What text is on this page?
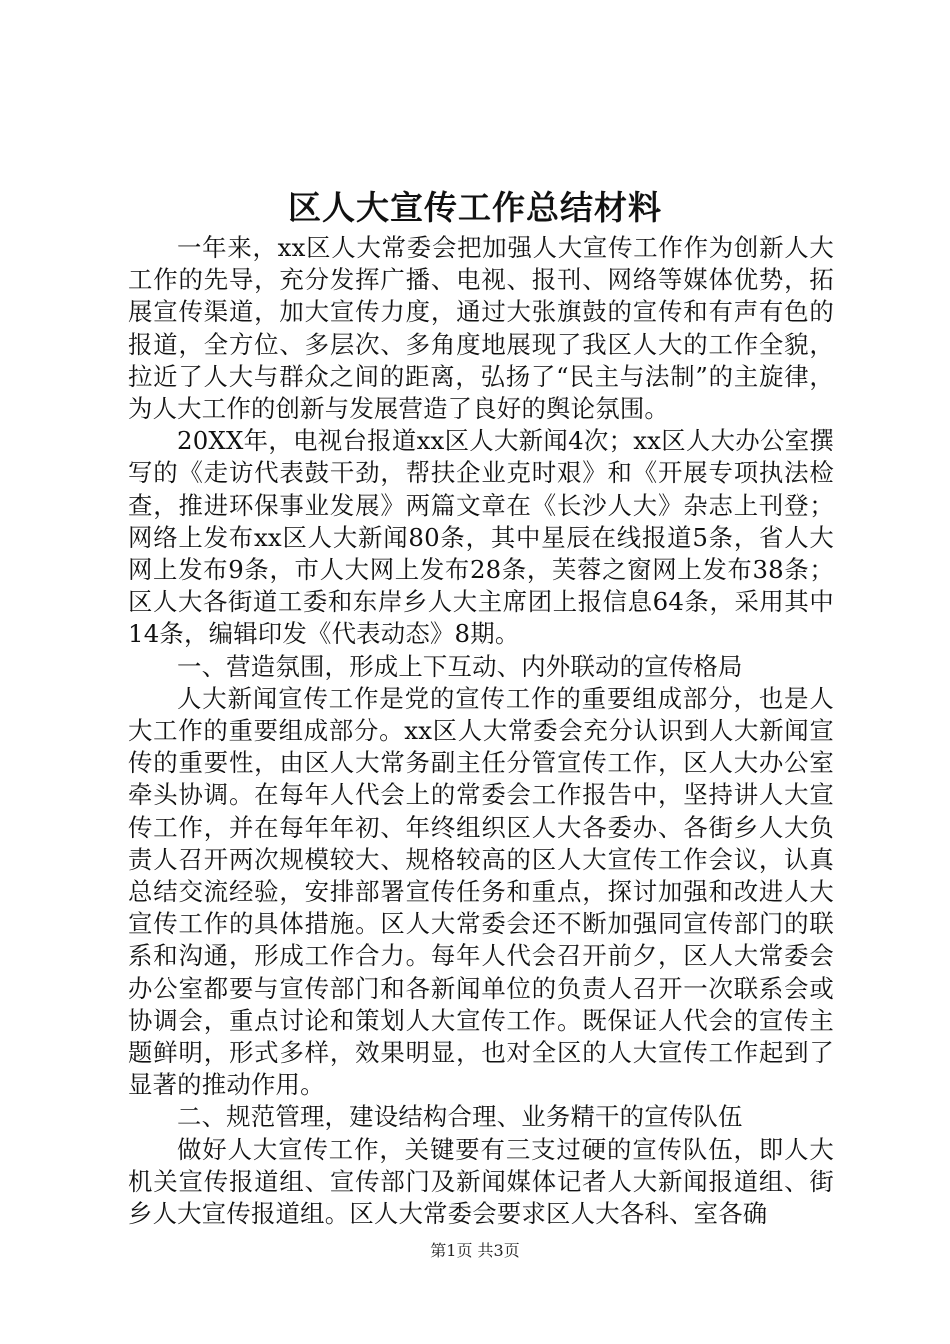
区人大宣传工作总结材料

一年来，xx区人大常委会把加强人大宣传工作作为创新人大工作的先导，充分发挥广播、电视、报刊、网络等媒体优势，拓展宣传渠道，加大宣传力度，通过大张旗鼓的宣传和有声有色的报道，全方位、多层次、多角度地展现了我区人大的工作全貌，拉近了人大与群众之间的距离，弘扬了“民主与法制”的主旋律，为人大工作的创新与发展营造了良好的舆论氛围。

20XX年，电视台报道xx区人大新闻4次；xx区人大办公室撰写的《走访代表鼓干劲，帮扶企业克时艰》和《开展专项执法检查，推进环保事业发展》两篇文章在《长沙人大》杂志上刊登；网络上发布xx区人大新闻80条，其中星辰在线报道5条，省人大网上发布9条，市人大网上发布28条，芙蓉之窗网上发布38条；区人大各街道工委和东岸乡人大主席团上报信息64条，采用其中14条，编辑印发《代表动态》8期。

一、营造氛围，形成上下互动、内外联动的宣传格局

人大新闻宣传工作是党的宣传工作的重要组成部分，也是人大工作的重要组成部分。xx区人大常委会充分认识到人大新闻宣传的重要性，由区人大常务副主任分管宣传工作，区人大办公室牵头协调。在每年人代会上的常委会工作报告中，坚持讲人大宣传工作，并在每年年初、年终组织区人大各委办、各街乡人大负责人召开两次规模较大、规格较高的区人大宣传工作会议，认真总结交流经验，安排部署宣传任务和重点，探讨加强和改进人大宣传工作的具体措施。区人大常委会还不断加强同宣传部门的联系和沟通，形成工作合力。每年人代会召开前夕，区人大常委会办公室都要与宣传部门和各新闻单位的负责人召开一次联系会或协调会，重点讨论和策划人大宣传工作。既保证人代会的宣传主题鲜明，形式多样，效果明显，也对全区的人大宣传工作起到了显著的推动作用。

二、规范管理，建设结构合理、业务精干的宣传队伍

做好人大宣传工作，关键要有三支过硬的宣传队伍，即人大机关宣传报道组、宣传部门及新闻媒体记者人大新闻报道组、街乡人大宣传报道组。区人大常委会要求区人大各科、室各确

第1页 共3页
